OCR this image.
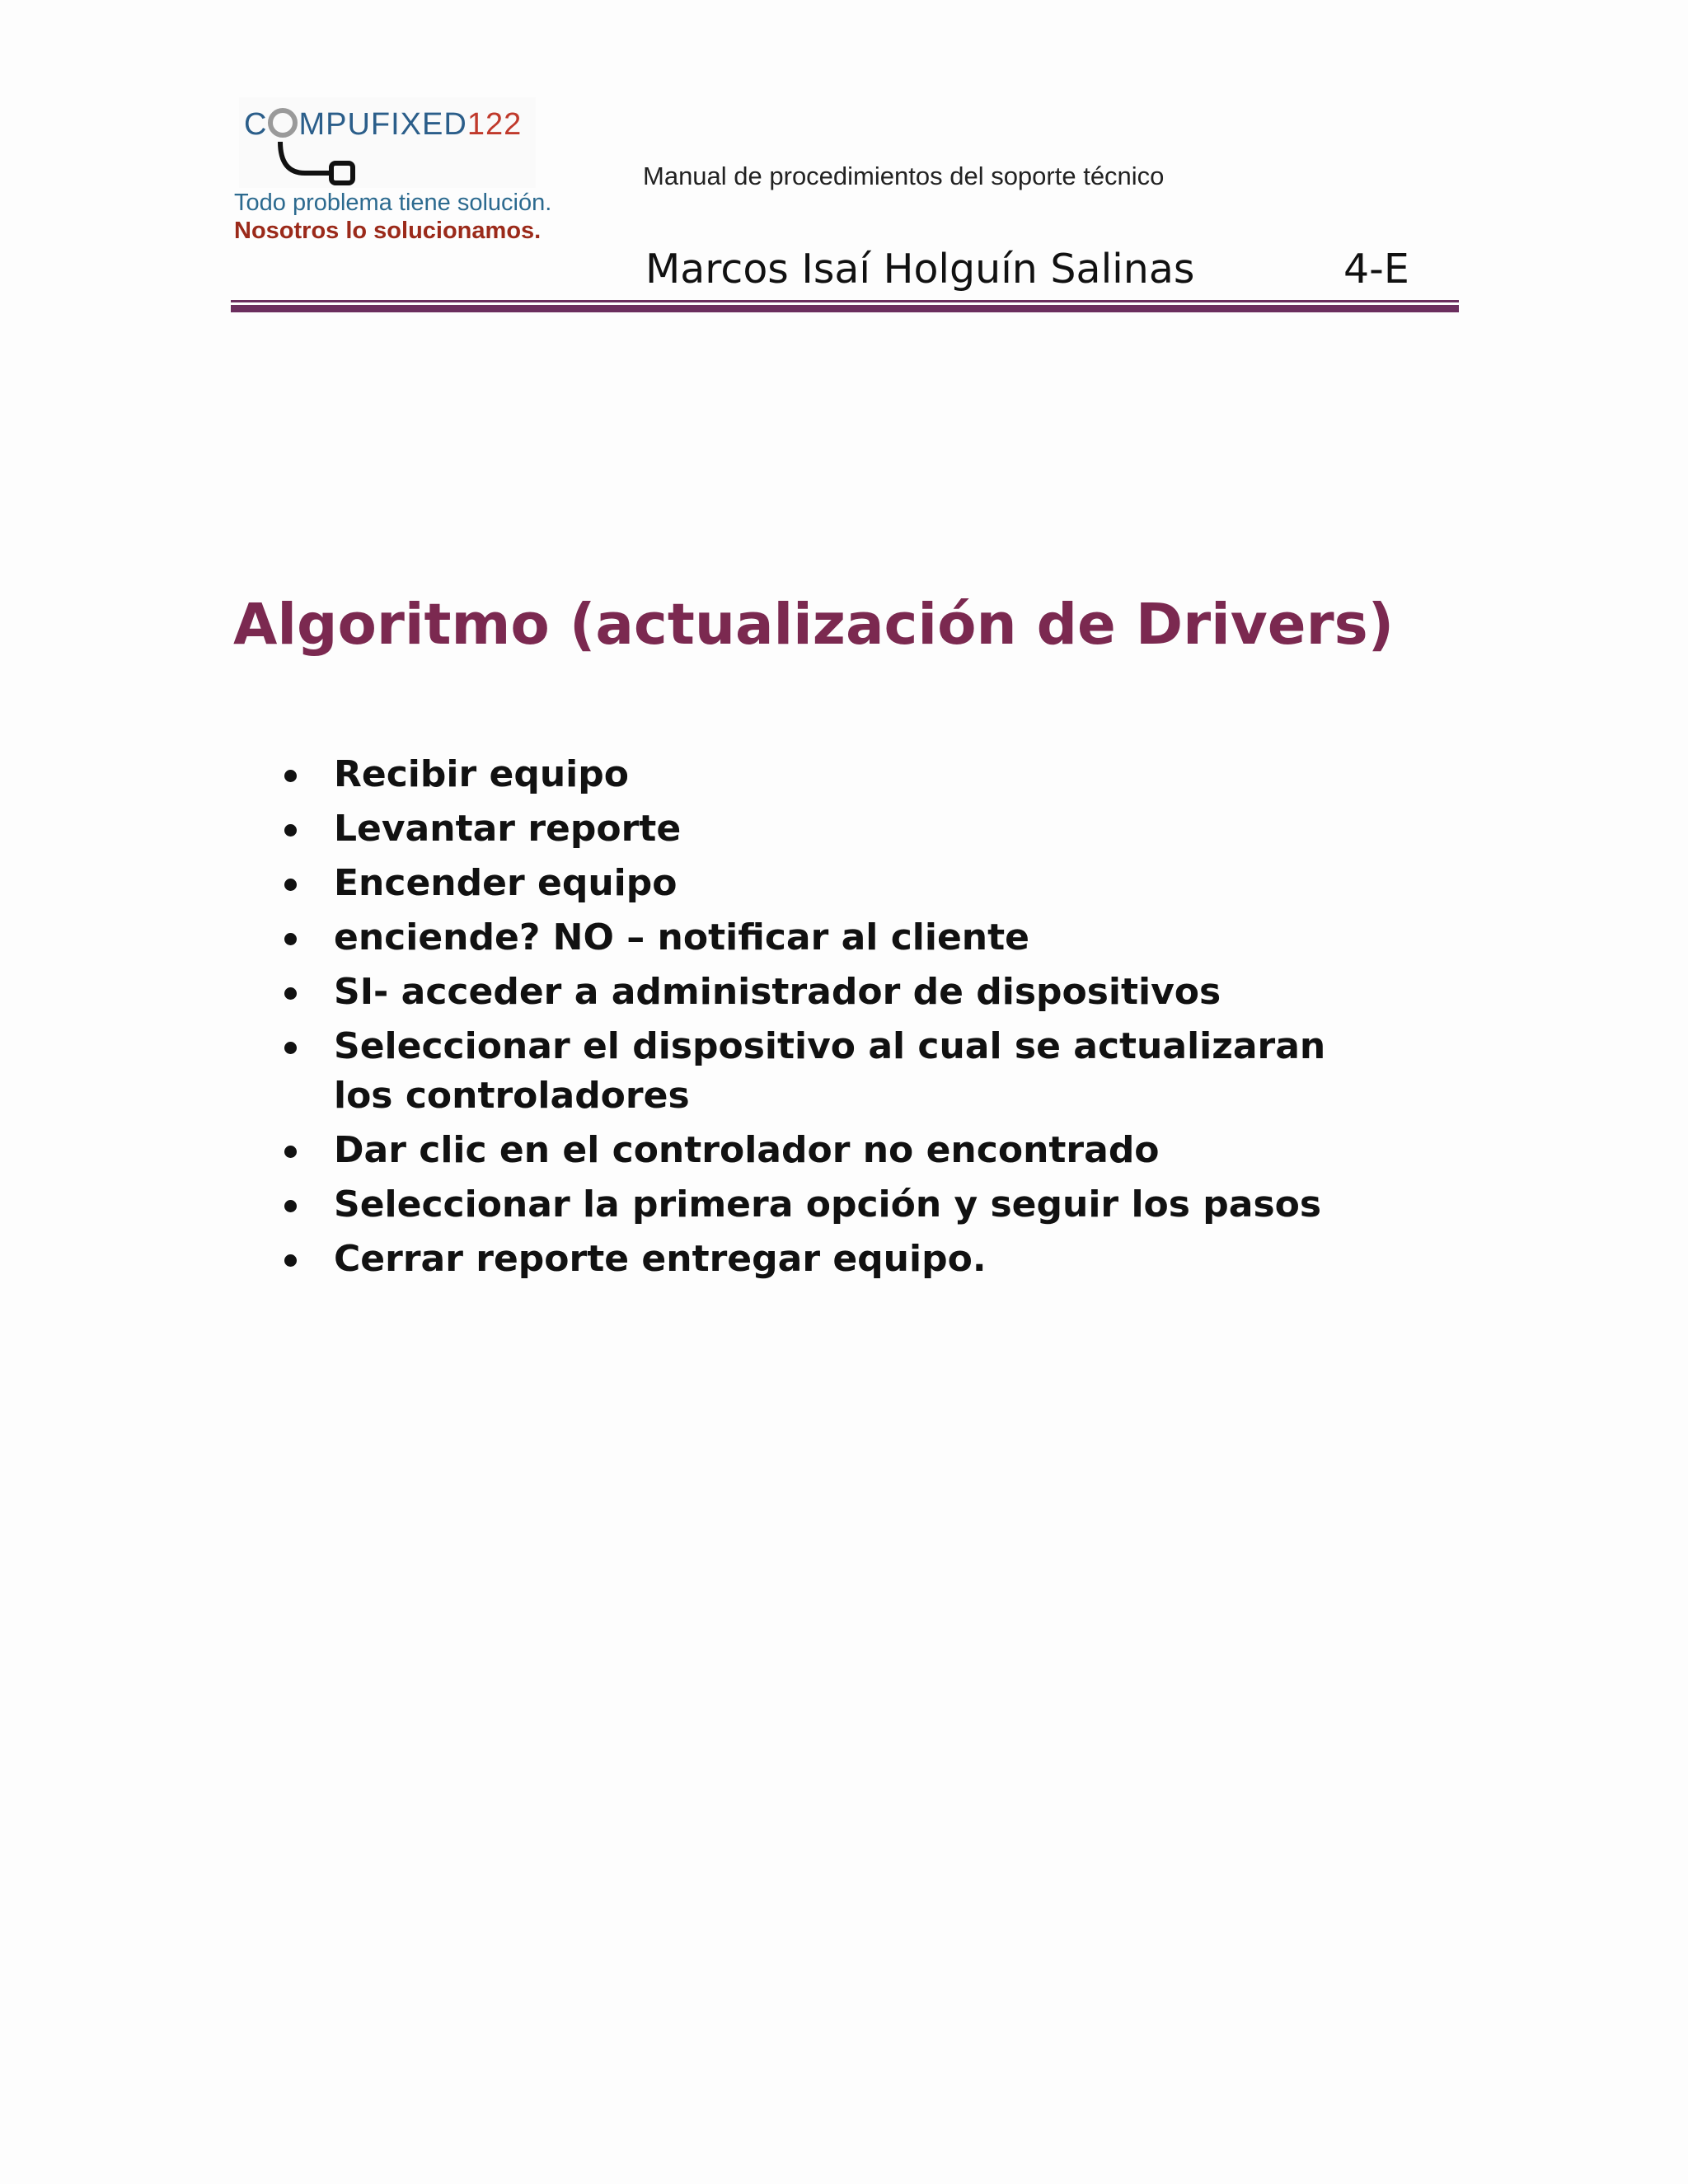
C MPUFIXED122
Todo problema tiene solución.
Nosotros lo solucionamos.
Manual de procedimientos del soporte técnico
Marcos Isaí Holguín Salinas	4-E
Algoritmo (actualización de Drivers)
Recibir equipo
Levantar reporte
Encender equipo
enciende? NO – notificar al cliente
SI- acceder a administrador de dispositivos
Seleccionar el dispositivo al cual se actualizaran los controladores
Dar clic en el controlador no encontrado
Seleccionar la primera opción y seguir los pasos
Cerrar reporte entregar equipo.
